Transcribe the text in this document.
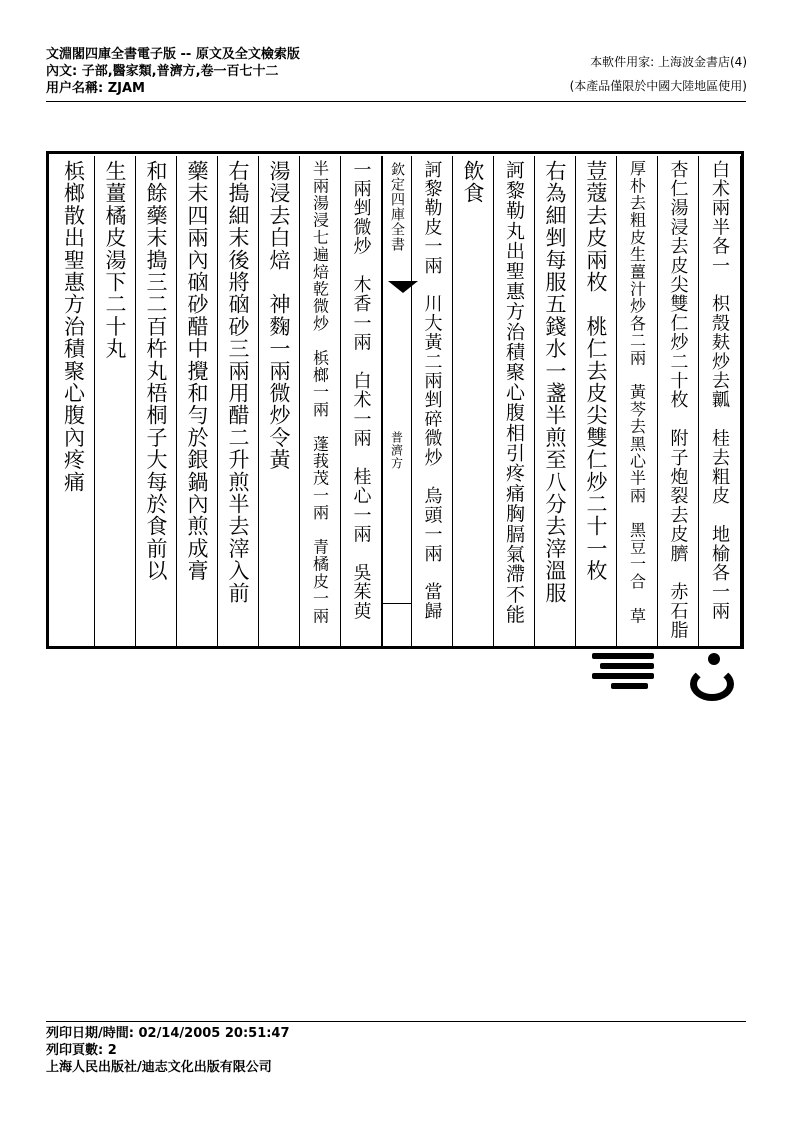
文淵閣四庫全書電子版 -- 原文及全文檢索版
內文: 子部,醫家類,普濟方,卷一百七十二
用户名稱: ZJAM
本軟件用家: 上海波金書店(4)
(本產品僅限於中國大陸地區使用)
白术兩半各一　枳殼麸炒去瓤　桂去粗皮　地榆各一兩
杏仁湯浸去皮尖雙仁炒二十枚　附子炮裂去皮臍　赤石脂
厚朴去粗皮生薑汁炒各二兩　黃芩去黑心半兩　黑豆一合　草
荳蔻去皮兩枚　桃仁去皮尖雙仁炒二十一枚
右為細剉每服五錢水一盞半煎至八分去滓溫服
訶黎勒丸出聖惠方治積聚心腹相引疼痛胸膈氣滯不能
飲食
訶黎勒皮一兩　川大黃二兩剉碎微炒　烏頭一兩　當歸
欽定四庫全書
普濟方
一兩剉微炒　木香一兩　白术一兩　桂心一兩　吳茱萸
半兩湯浸七遍焙乾微炒　梹榔一兩　蓬莪茂一兩　青橘皮一兩
湯浸去白焙　神麴一兩微炒令黃
右搗細末後將硇砂三兩用醋二升煎半去滓入前
藥末四兩內硇砂醋中攪和勻於銀鍋內煎成膏
和餘藥末搗三二百杵丸梧桐子大每於食前以
生薑橘皮湯下二十丸
梹榔散出聖惠方治積聚心腹內疼痛
列印日期/時間: 02/14/2005 20:51:47
列印頁數: 2
上海人民出版社/迪志文化出版有限公司
